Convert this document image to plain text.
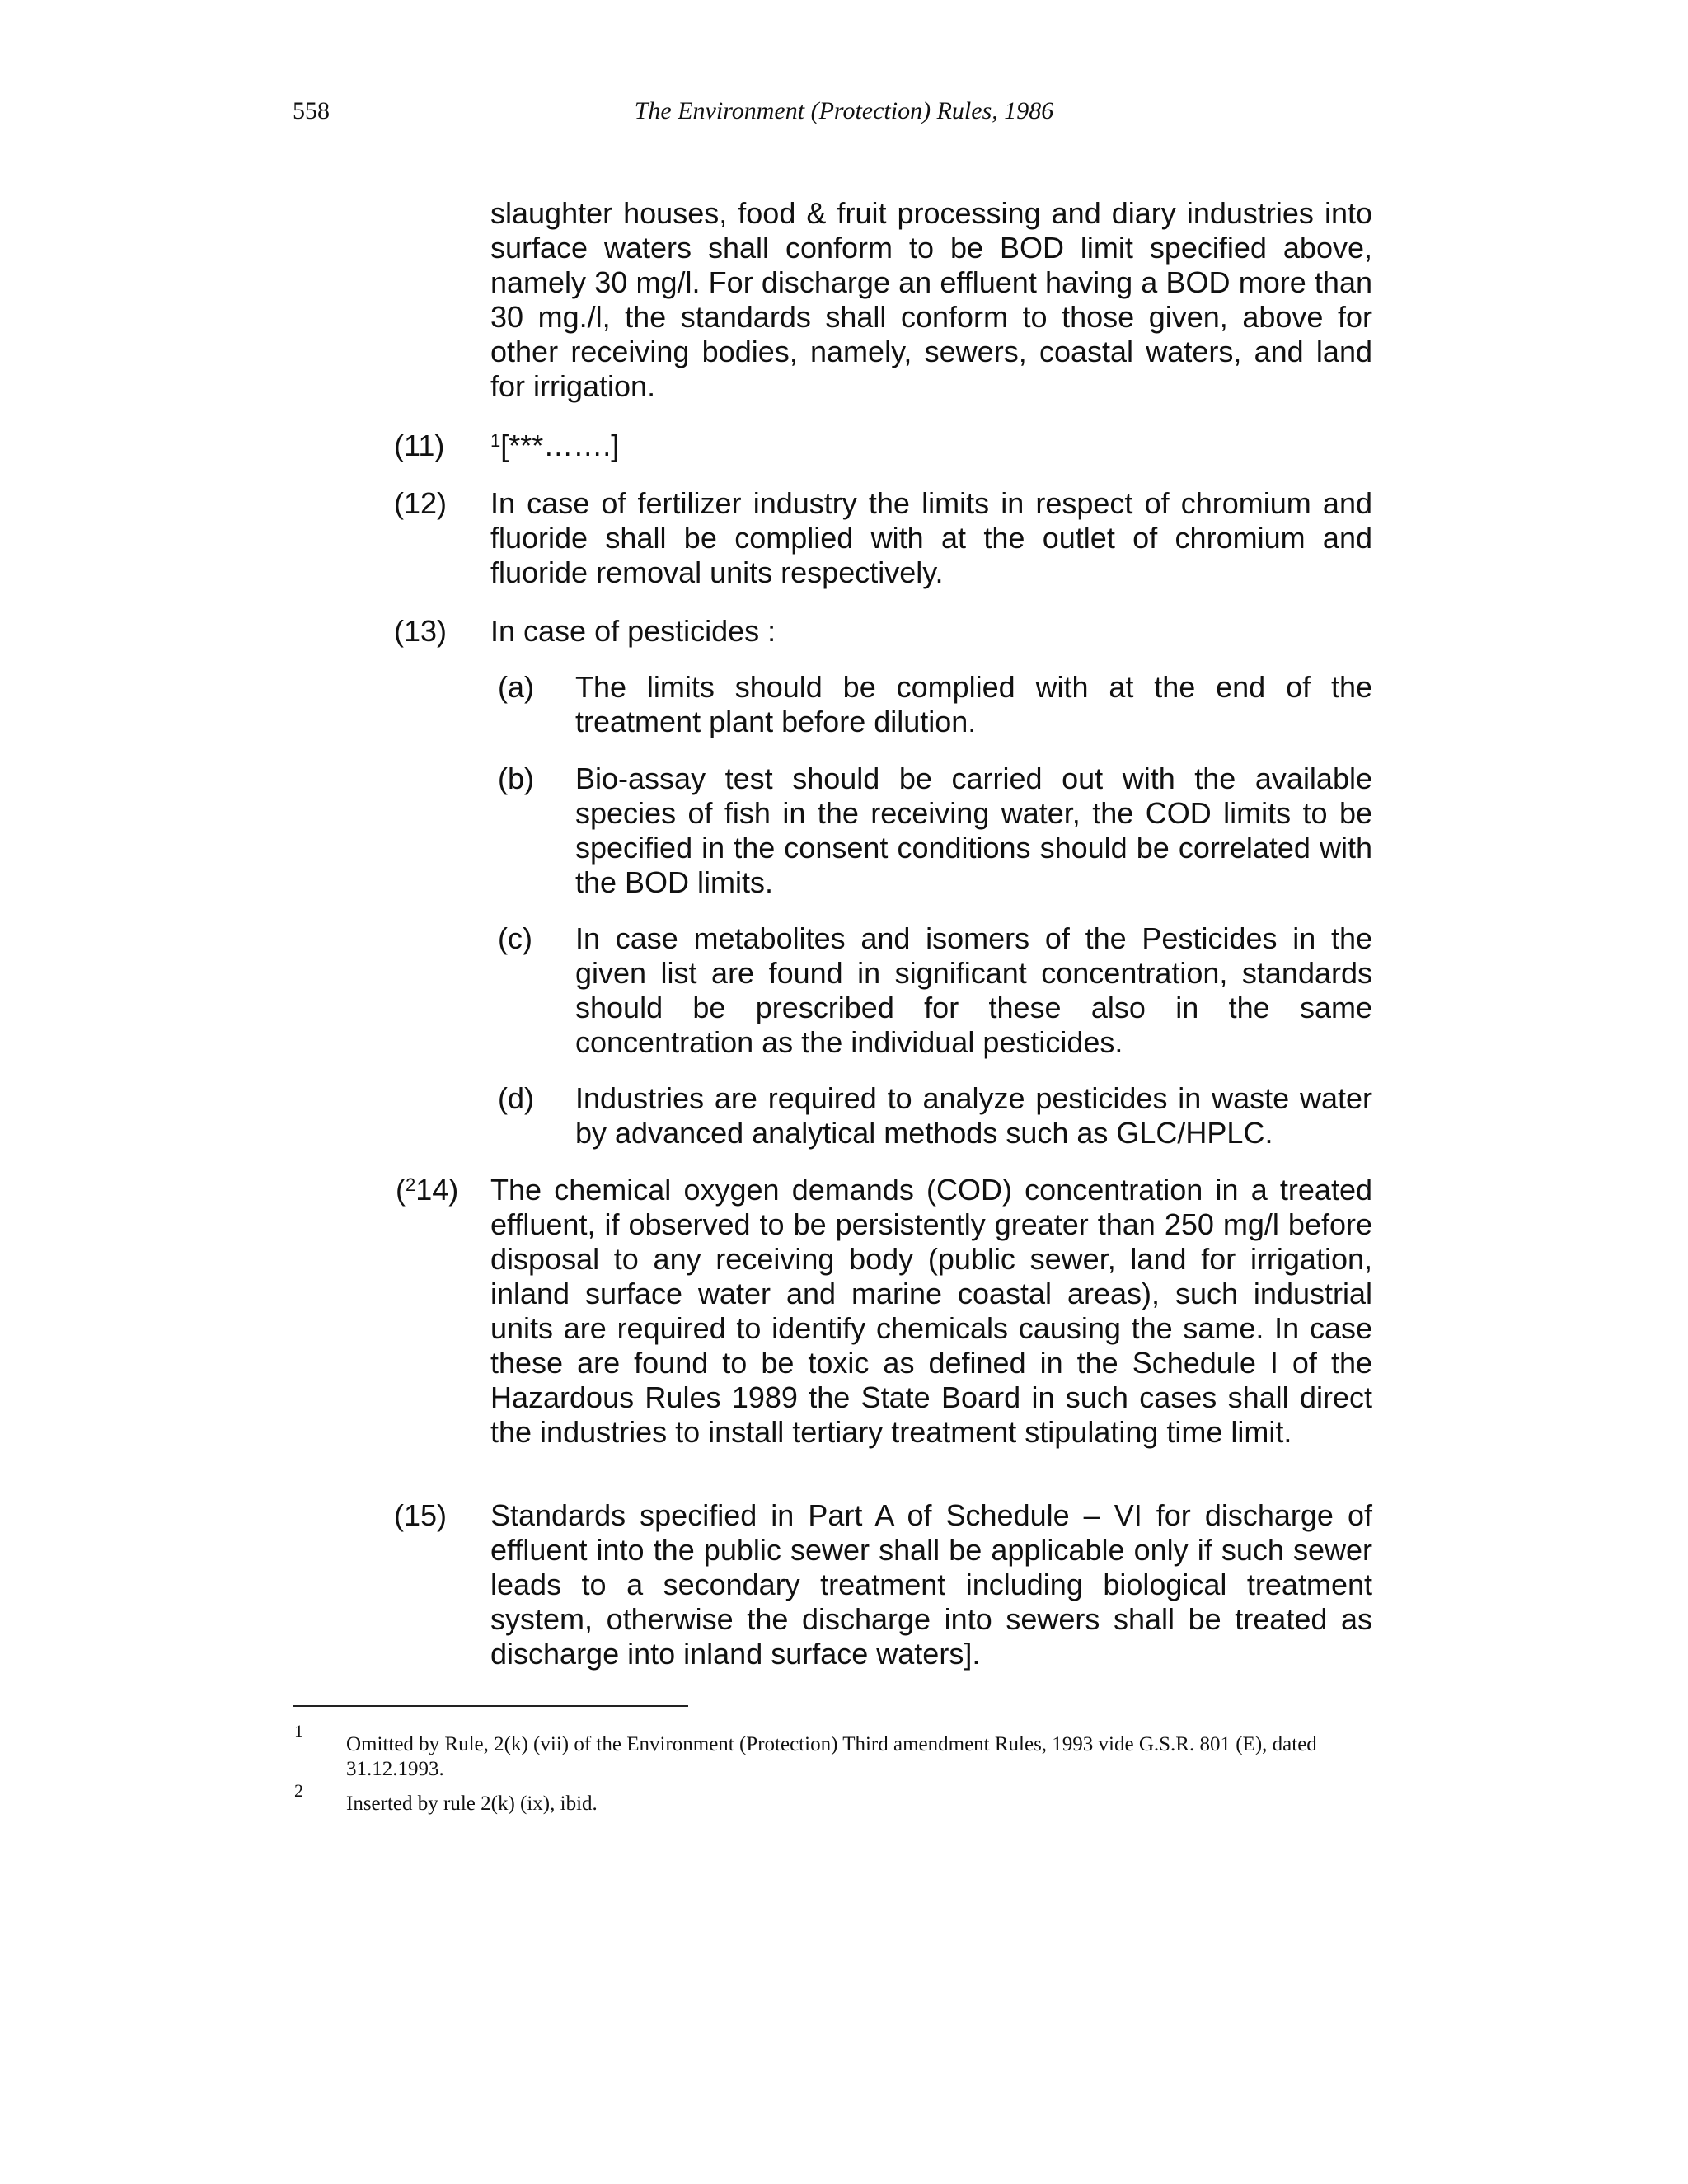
558	The Environment (Protection) Rules, 1986
slaughter houses, food & fruit processing and diary industries into surface waters shall conform to be BOD limit specified above, namely 30 mg/l. For discharge an effluent having a BOD more than 30 mg./l, the standards shall conform to those given, above for other receiving bodies, namely, sewers, coastal waters, and land for irrigation.
(11)	$^1$[***…….]
(12) In case of fertilizer industry the limits in respect of chromium and fluoride shall be complied with at the outlet of chromium and fluoride removal units respectively.
(13) In case of pesticides :
(a) The limits should be complied with at the end of the treatment plant before dilution.
(b) Bio-assay test should be carried out with the available species of fish in the receiving water, the COD limits to be specified in the consent conditions should be correlated with the BOD limits.
(c) In case metabolites and isomers of the Pesticides in the given list are found in significant concentration, standards should be prescribed for these also in the same concentration as the individual pesticides.
(d) Industries are required to analyze pesticides in waste water by advanced analytical methods such as GLC/HPLC.
($^2$14) The chemical oxygen demands (COD) concentration in a treated effluent, if observed to be persistently greater than 250 mg/l before disposal to any receiving body (public sewer, land for irrigation, inland surface water and marine coastal areas), such industrial units are required to identify chemicals causing the same. In case these are found to be toxic as defined in the Schedule I of the Hazardous Rules 1989 the State Board in such cases shall direct the industries to install tertiary treatment stipulating time limit.
(15) Standards specified in Part A of Schedule – VI for discharge of effluent into the public sewer shall be applicable only if such sewer leads to a secondary treatment including biological treatment system, otherwise the discharge into sewers shall be treated as discharge into inland surface waters].
1
Omitted by Rule, 2(k) (vii) of the Environment (Protection) Third amendment Rules, 1993 vide G.S.R. 801 (E), dated 31.12.1993.
2
Inserted by rule 2(k) (ix), ibid.
